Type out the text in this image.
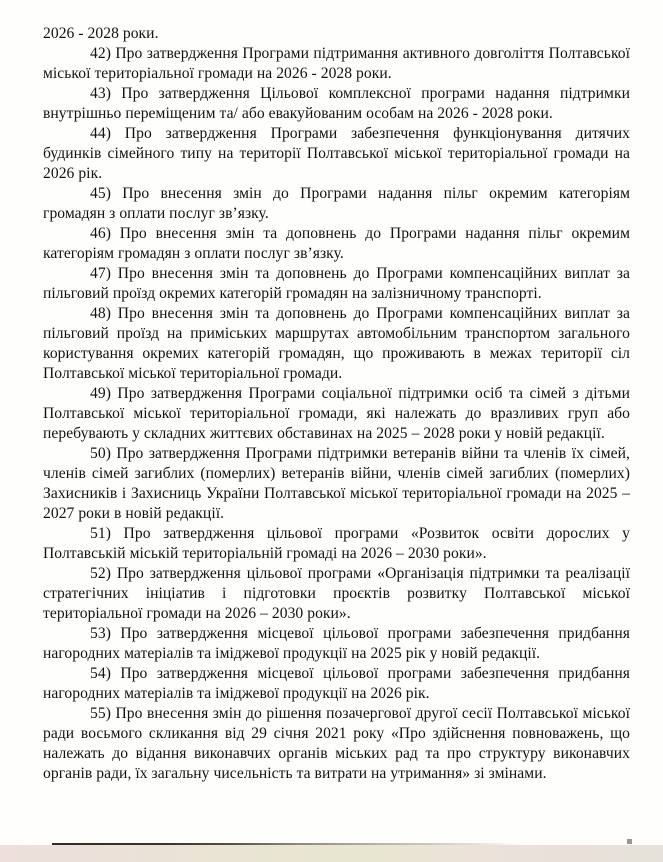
2026 - 2028 роки.

42) Про затвердження Програми підтримання активного довголіття Полтавської міської територіальної громади на 2026 - 2028 роки.

43) Про затвердження Цільової комплексної програми надання підтримки внутрішньо переміщеним та/ або евакуйованим особам на 2026 - 2028 роки.

44) Про затвердження Програми забезпечення функціонування дитячих будинків сімейного типу на території Полтавської міської територіальної громади на 2026 рік.

45) Про внесення змін до Програми надання пільг окремим категоріям громадян з оплати послуг зв’язку.

46) Про внесення змін та доповнень до Програми надання пільг окремим категоріям громадян з оплати послуг зв’язку.

47) Про внесення змін та доповнень до Програми компенсаційних виплат за пільговий проїзд окремих категорій громадян на залізничному транспорті.

48) Про внесення змін та доповнень до Програми компенсаційних виплат за пільговий проїзд на приміських маршрутах автомобільним транспортом загального користування окремих категорій громадян, що проживають в межах території сіл Полтавської міської територіальної громади.

49) Про затвердження Програми соціальної підтримки осіб та сімей з дітьми Полтавської міської територіальної громади, які належать до вразливих груп або перебувають у складних життєвих обставинах на 2025 – 2028 роки у новій редакції.

50) Про затвердження Програми підтримки ветеранів війни та членів їх сімей, членів сімей загиблих (померлих) ветеранів війни, членів сімей загиблих (померлих) Захисників і Захисниць України Полтавської міської територіальної громади на 2025 – 2027 роки в новій редакції.

51) Про затвердження цільової програми «Розвиток освіти дорослих у Полтавській міській територіальній громаді на 2026 – 2030 роки».

52) Про затвердження цільової програми «Організація підтримки та реалізації стратегічних ініціатив і підготовки проєктів розвитку Полтавської міської територіальної громади на 2026 – 2030 роки».

53) Про затвердження місцевої цільової програми забезпечення придбання нагородних матеріалів та іміджевої продукції на 2025 рік у новій редакції.

54) Про затвердження місцевої цільової програми забезпечення придбання нагородних матеріалів та іміджевої продукції на 2026 рік.

55) Про внесення змін до рішення позачергової другої сесії Полтавської міської ради восьмого скликання від 29 січня 2021 року «Про здійснення повноважень, що належать до відання виконавчих органів міських рад та про структуру виконавчих органів ради, їх загальну чисельність та витрати на утримання» зі змінами.
